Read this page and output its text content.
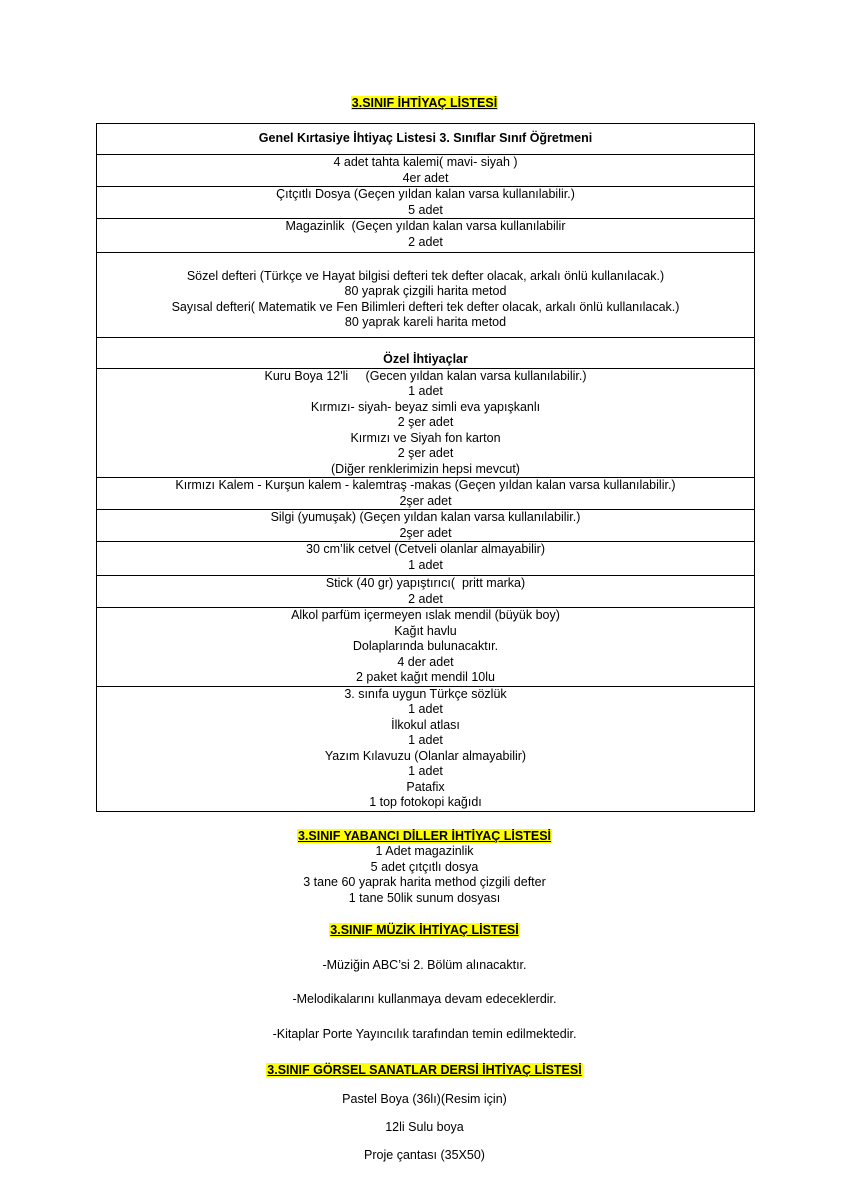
3.SINIF İHTİYAÇ LİSTESİ
Genel Kırtasiye İhtiyaç Listesi 3. Sınıflar Sınıf Öğretmeni

4 adet tahta kalemi( mavi- siyah )
4er adet

Çıtçıtlı Dosya (Geçen yıldan kalan varsa kullanılabilir.)
5 adet

Magazinlik  (Geçen yıldan kalan varsa kullanılabilir
2 adet

Sözel defteri (Türkçe ve Hayat bilgisi defteri tek defter olacak, arkalı önlü kullanılacak.)
80 yaprak çizgili harita metod
Sayısal defteri( Matematik ve Fen Bilimleri defteri tek defter olacak, arkalı önlü kullanılacak.)
80 yaprak kareli harita metod

Özel İhtiyaçlar

Kuru Boya 12'li     (Gecen yıldan kalan varsa kullanılabilir.)
1 adet
Kırmızı- siyah- beyaz simli eva yapışkanlı
2 şer adet
Kırmızı ve Siyah fon karton
2 şer adet
(Diğer renklerimizin hepsi mevcut)

Kırmızı Kalem - Kurşun kalem - kalemtraş -makas (Geçen yıldan kalan varsa kullanılabilir.)
2şer adet

Silgi (yumuşak) (Geçen yıldan kalan varsa kullanılabilir.)
2şer adet

30 cm’lik cetvel (Cetveli olanlar almayabilir)
1 adet

Stick (40 gr) yapıştırıcı(  pritt marka)
2 adet

Alkol parfüm içermeyen ıslak mendil (büyük boy)
Kağıt havlu
Dolaplarında bulunacaktır.
4 der adet
2 paket kağıt mendil 10lu

3. sınıfa uygun Türkçe sözlük
1 adet
İlkokul atlası
1 adet
Yazım Kılavuzu (Olanlar almayabilir)
1 adet
Patafix
1 top fotokopi kağıdı
3.SINIF YABANCI DİLLER İHTİYAÇ LİSTESİ
1 Adet magazinlik
5 adet çıtçıtlı dosya
3 tane 60 yaprak harita method çizgili defter
1 tane 50lik sunum dosyası
3.SINIF MÜZİK İHTİYAÇ LİSTESİ
-Müziğin ABC’si 2. Bölüm alınacaktır.
-Melodikalarını kullanmaya devam edeceklerdir.
-Kitaplar Porte Yayıncılık tarafından temin edilmektedir.
3.SINIF GÖRSEL SANATLAR DERSİ İHTİYAÇ LİSTESİ
Pastel Boya (36lı)(Resim için)
12li Sulu boya
Proje çantası (35X50)
